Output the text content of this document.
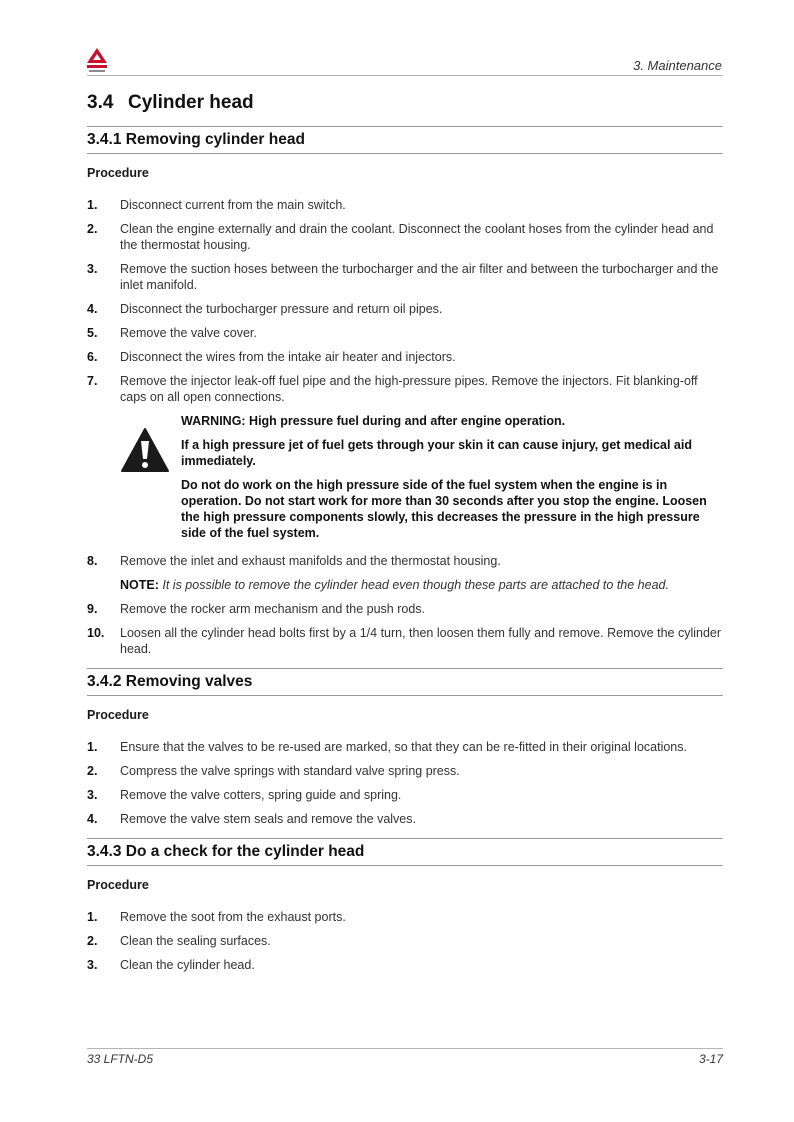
3. Maintenance
3.4 Cylinder head
3.4.1 Removing cylinder head
Procedure
1. Disconnect current from the main switch.
2. Clean the engine externally and drain the coolant. Disconnect the coolant hoses from the cylinder head and the thermostat housing.
3. Remove the suction hoses between the turbocharger and the air filter and between the turbocharger and the inlet manifold.
4. Disconnect the turbocharger pressure and return oil pipes.
5. Remove the valve cover.
6. Disconnect the wires from the intake air heater and injectors.
7. Remove the injector leak-off fuel pipe and the high-pressure pipes. Remove the injectors. Fit blanking-off caps on all open connections.

WARNING: High pressure fuel during and after engine operation.

If a high pressure jet of fuel gets through your skin it can cause injury, get medical aid immediately.

Do not do work on the high pressure side of the fuel system when the engine is in operation. Do not start work for more than 30 seconds after you stop the engine. Loosen the high pressure components slowly, this decreases the pressure in the high pressure side of the fuel system.

8. Remove the inlet and exhaust manifolds and the thermostat housing.
NOTE: It is possible to remove the cylinder head even though these parts are attached to the head.
9. Remove the rocker arm mechanism and the push rods.
10. Loosen all the cylinder head bolts first by a 1/4 turn, then loosen them fully and remove. Remove the cylinder head.
3.4.2 Removing valves
Procedure
1. Ensure that the valves to be re-used are marked, so that they can be re-fitted in their original locations.
2. Compress the valve springs with standard valve spring press.
3. Remove the valve cotters, spring guide and spring.
4. Remove the valve stem seals and remove the valves.
3.4.3 Do a check for the cylinder head
Procedure
1. Remove the soot from the exhaust ports.
2. Clean the sealing surfaces.
3. Clean the cylinder head.
33 LFTN-D5	3-17
